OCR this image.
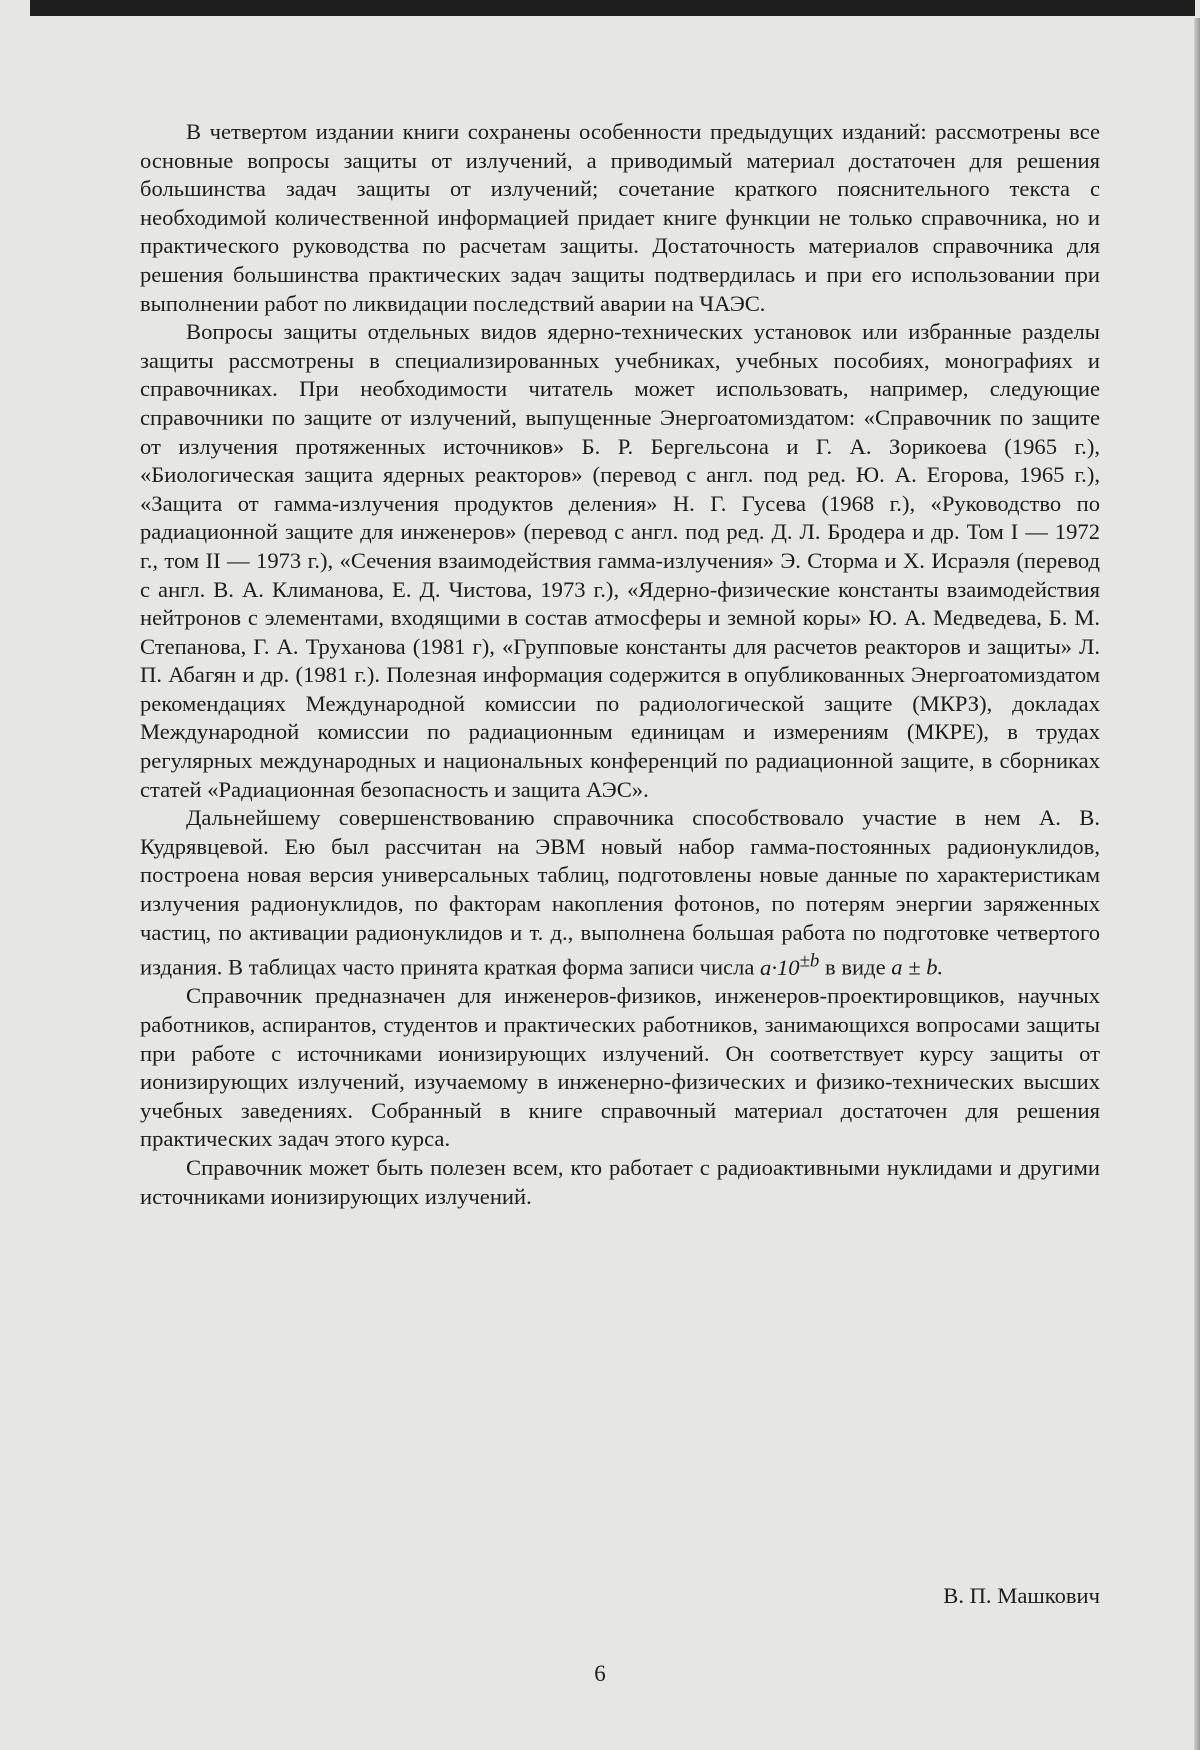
В четвертом издании книги сохранены особенности предыдущих изданий: рассмотрены все основные вопросы защиты от излучений, а приводимый материал достаточен для решения большинства задач защиты от излучений; сочетание краткого пояснительного текста с необходимой количественной информацией придает книге функции не только справочника, но и практического руководства по расчетам защиты. Достаточность материалов справочника для решения большинства практических задач защиты подтвердилась и при его использовании при выполнении работ по ликвидации последствий аварии на ЧАЭС.

Вопросы защиты отдельных видов ядерно-технических установок или избранные разделы защиты рассмотрены в специализированных учебниках, учебных пособиях, монографиях и справочниках. При необходимости читатель может использовать, например, следующие справочники по защите от излучений, выпущенные Энергоатомиздатом: «Справочник по защите от излучения протяженных источников» Б. Р. Бергельсона и Г. А. Зорикоева (1965 г.), «Биологическая защита ядерных реакторов» (перевод с англ. под ред. Ю. А. Егорова, 1965 г.), «Защита от гамма-излучения продуктов деления» Н. Г. Гусева (1968 г.), «Руководство по радиационной защите для инженеров» (перевод с англ. под ред. Д. Л. Бродера и др. Том I — 1972 г., том II — 1973 г.), «Сечения взаимодействия гамма-излучения» Э. Сторма и Х. Исраэля (перевод с англ. В. А. Климанова, Е. Д. Чистова, 1973 г.), «Ядерно-физические константы взаимодействия нейтронов с элементами, входящими в состав атмосферы и земной коры» Ю. А. Медведева, Б. М. Степанова, Г. А. Труханова (1981 г), «Групповые константы для расчетов реакторов и защиты» Л. П. Абагян и др. (1981 г.). Полезная информация содержится в опубликованных Энергоатомиздатом рекомендациях Международной комиссии по радиологической защите (МКРЗ), докладах Международной комиссии по радиационным единицам и измерениям (МКРЕ), в трудах регулярных международных и национальных конференций по радиационной защите, в сборниках статей «Радиационная безопасность и защита АЭС».

Дальнейшему совершенствованию справочника способствовало участие в нем А. В. Кудрявцевой. Ею был рассчитан на ЭВМ новый набор гамма-постоянных радионуклидов, построена новая версия универсальных таблиц, подготовлены новые данные по характеристикам излучения радионуклидов, по факторам накопления фотонов, по потерям энергии заряженных частиц, по активации радионуклидов и т. д., выполнена большая работа по подготовке четвертого издания. В таблицах часто принята краткая форма записи числа $a\cdot 10^{\pm b}$ в виде a ± b.

Справочник предназначен для инженеров-физиков, инженеров-проектировщиков, научных работников, аспирантов, студентов и практических работников, занимающихся вопросами защиты при работе с источниками ионизирующих излучений. Он соответствует курсу защиты от ионизирующих излучений, изучаемому в инженерно-физических и физико-технических высших учебных заведениях. Собранный в книге справочный материал достаточен для решения практических задач этого курса.

Справочник может быть полезен всем, кто работает с радиоактивными нуклидами и другими источниками ионизирующих излучений.

В. П. Машкович
6
